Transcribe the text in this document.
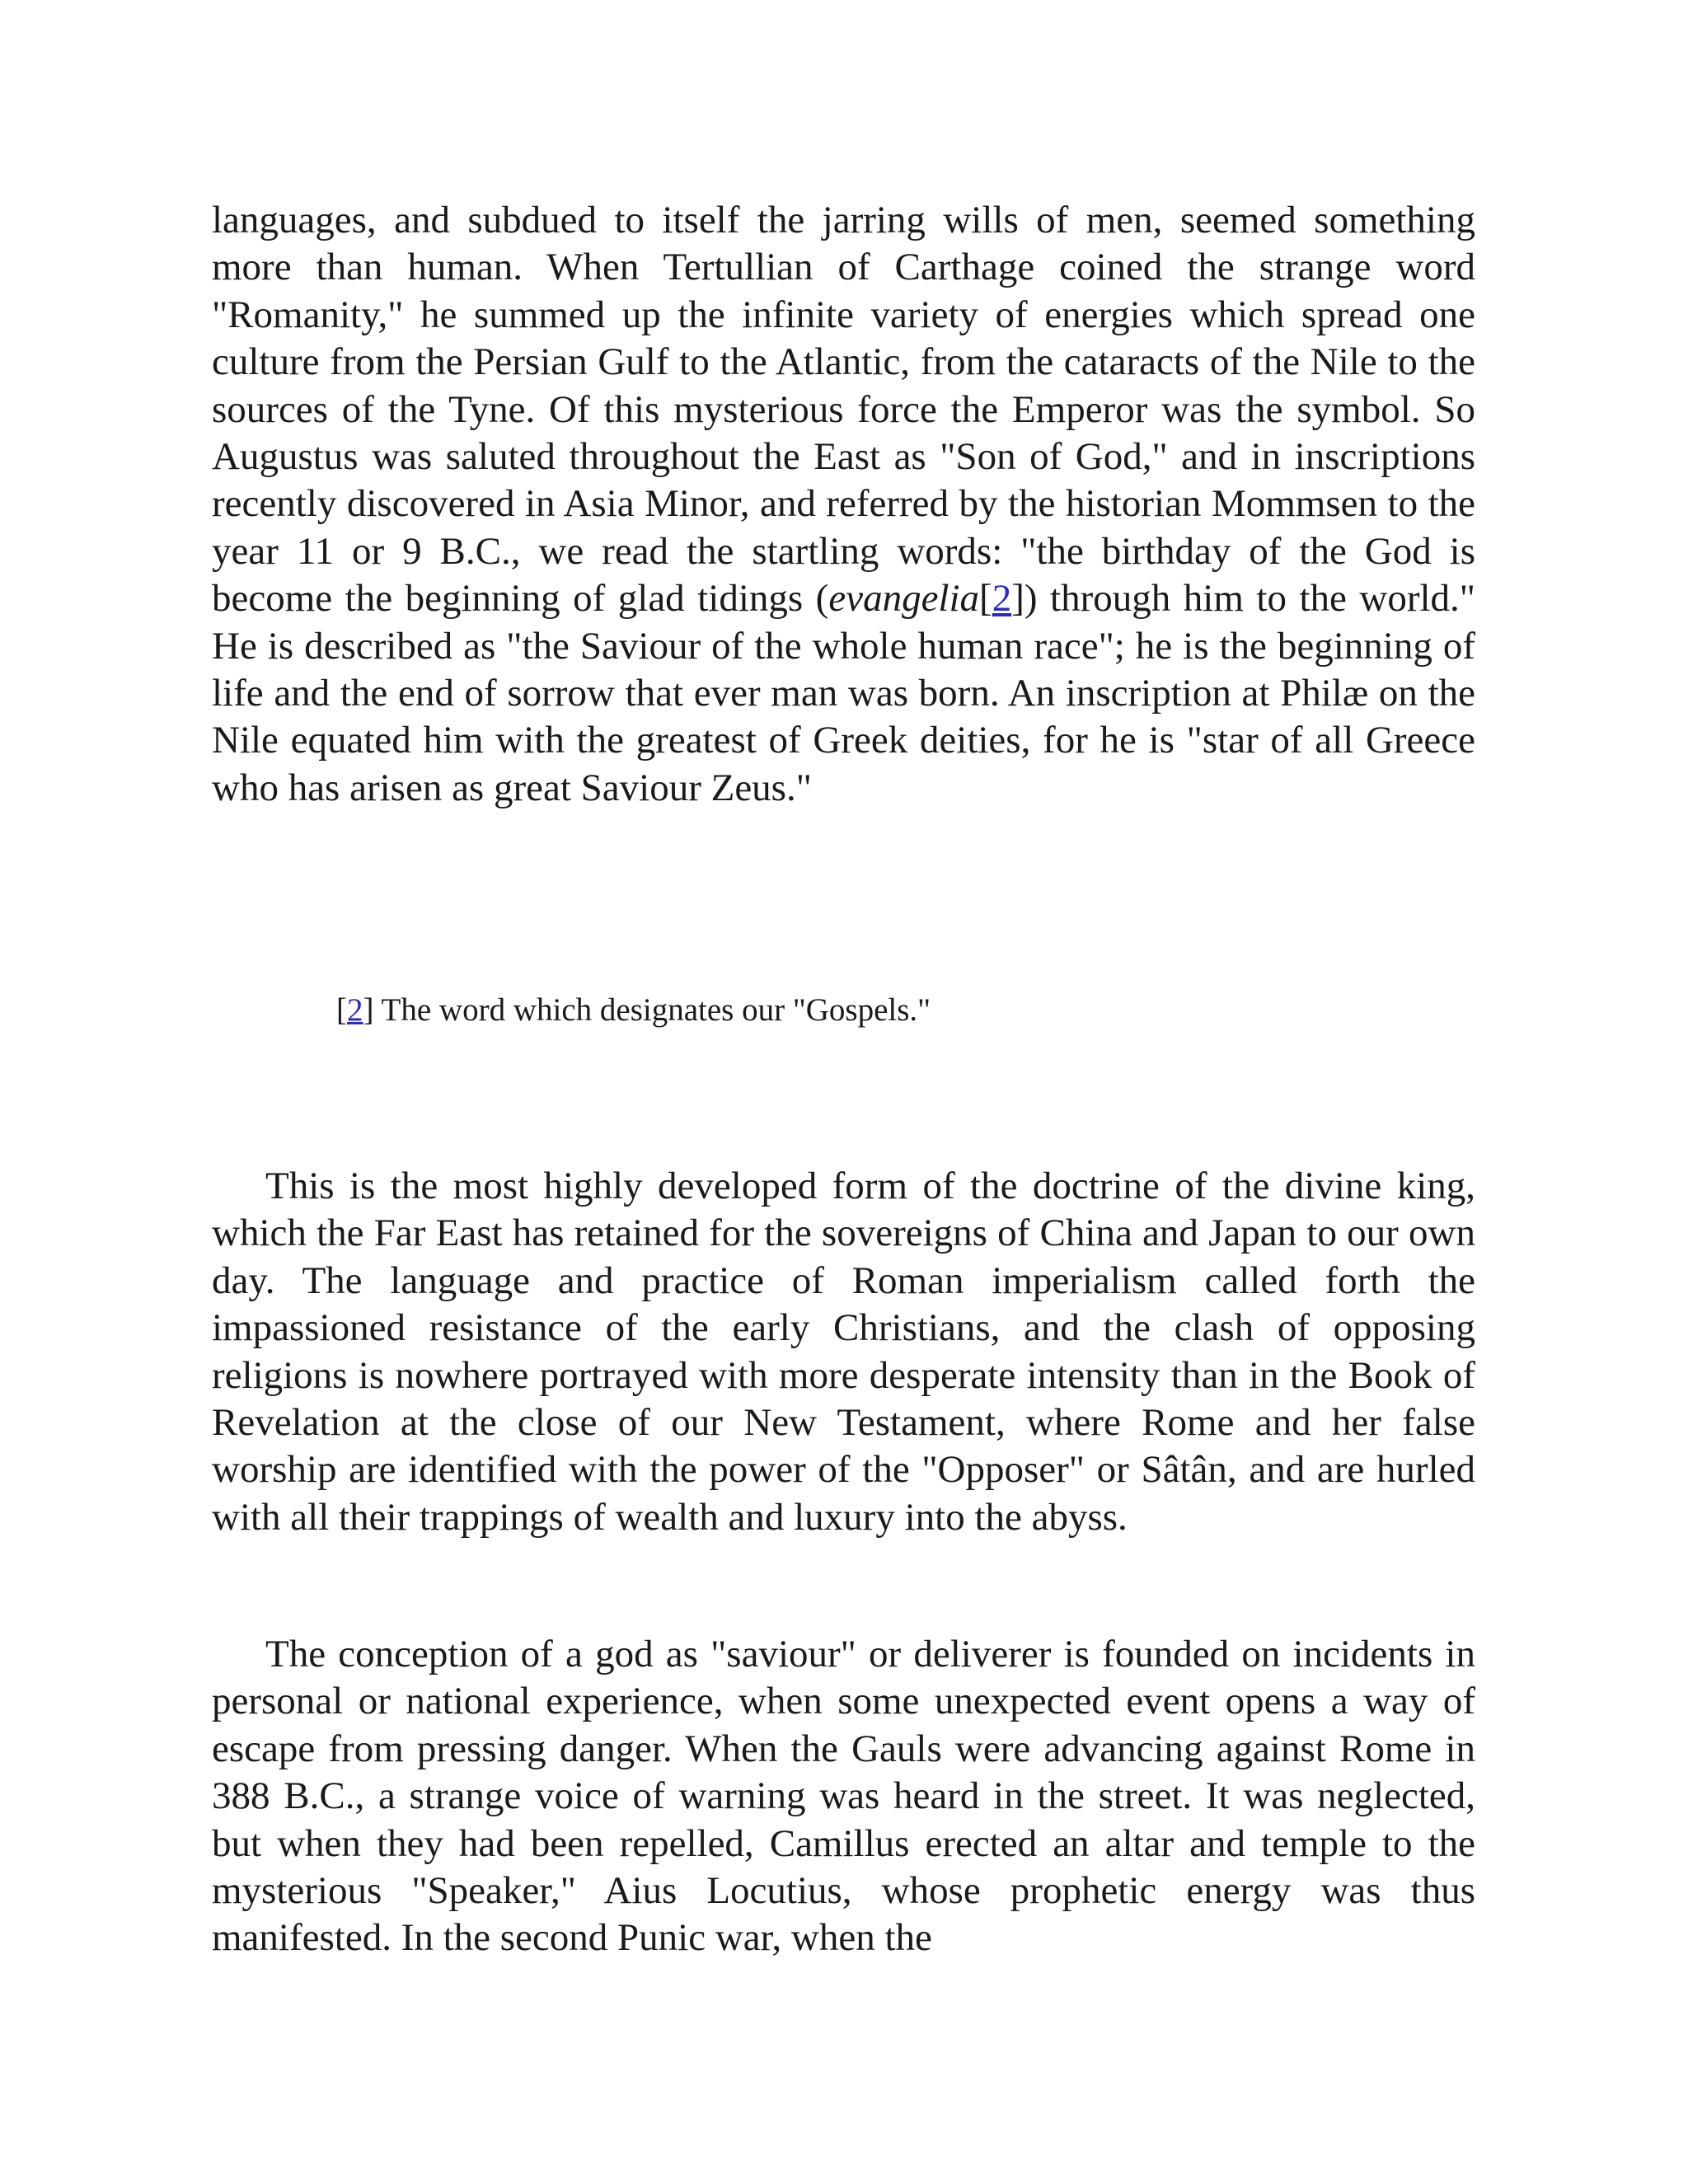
languages, and subdued to itself the jarring wills of men, seemed something more than human. When Tertullian of Carthage coined the strange word "Romanity," he summed up the infinite variety of energies which spread one culture from the Persian Gulf to the Atlantic, from the cataracts of the Nile to the sources of the Tyne. Of this mysterious force the Emperor was the symbol. So Augustus was saluted throughout the East as "Son of God," and in inscriptions recently discovered in Asia Minor, and referred by the historian Mommsen to the year 11 or 9 B.C., we read the startling words: "the birthday of the God is become the beginning of glad tidings (evangelia[2]) through him to the world." He is described as "the Saviour of the whole human race"; he is the beginning of life and the end of sorrow that ever man was born. An inscription at Philæ on the Nile equated him with the greatest of Greek deities, for he is "star of all Greece who has arisen as great Saviour Zeus."

[2] The word which designates our "Gospels."

This is the most highly developed form of the doctrine of the divine king, which the Far East has retained for the sovereigns of China and Japan to our own day. The language and practice of Roman imperialism called forth the impassioned resistance of the early Christians, and the clash of opposing religions is nowhere portrayed with more desperate intensity than in the Book of Revelation at the close of our New Testament, where Rome and her false worship are identified with the power of the "Opposer" or Sâtân, and are hurled with all their trappings of wealth and luxury into the abyss.

The conception of a god as "saviour" or deliverer is founded on incidents in personal or national experience, when some unexpected event opens a way of escape from pressing danger. When the Gauls were advancing against Rome in 388 B.C., a strange voice of warning was heard in the street. It was neglected, but when they had been repelled, Camillus erected an altar and temple to the mysterious "Speaker," Aius Locutius, whose prophetic energy was thus manifested. In the second Punic war, when the
